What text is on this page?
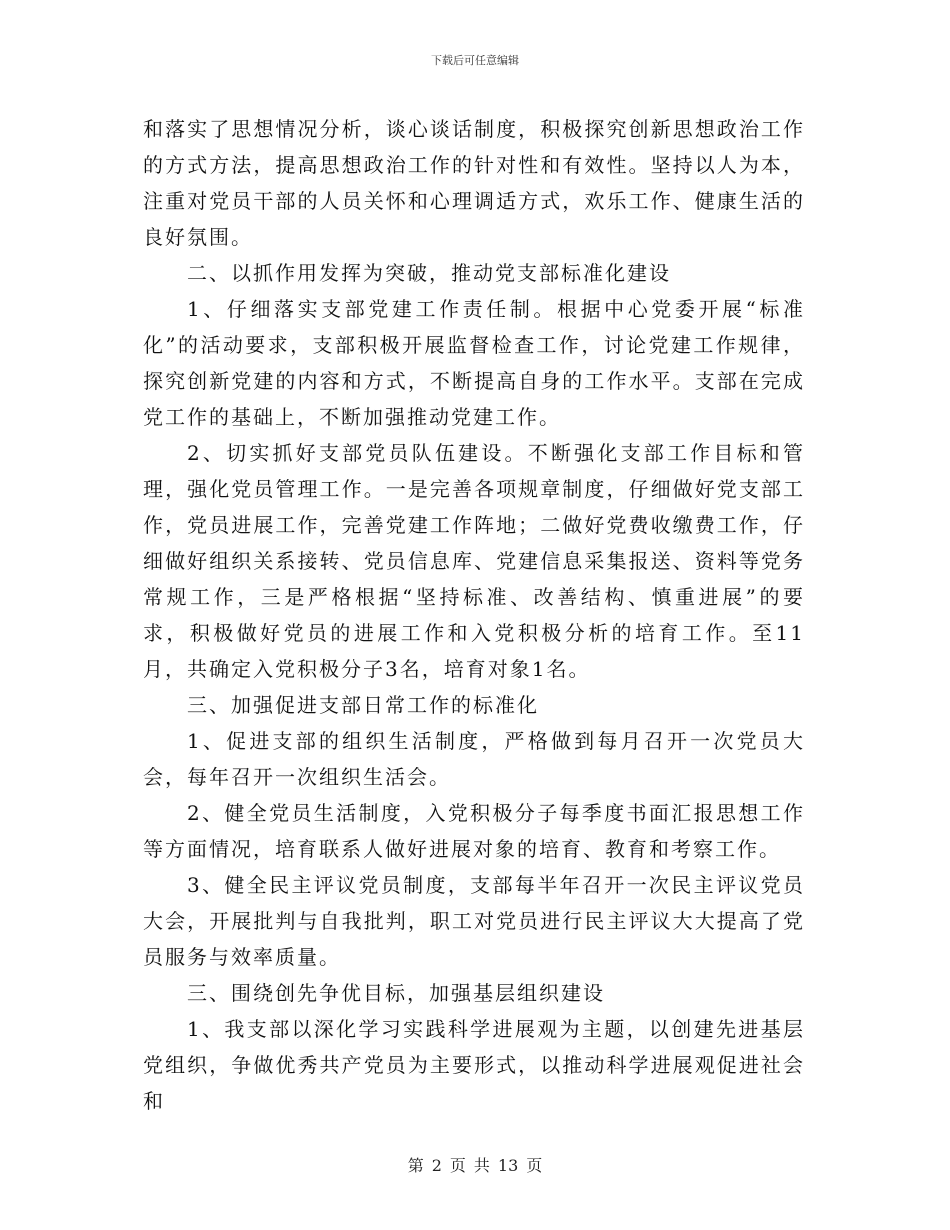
下载后可任意编辑

和落实了思想情况分析，谈心谈话制度，积极探究创新思想政治工作的方式方法，提高思想政治工作的针对性和有效性。坚持以人为本，注重对党员干部的人员关怀和心理调适方式，欢乐工作、健康生活的良好氛围。

二、以抓作用发挥为突破，推动党支部标准化建设

1、仔细落实支部党建工作责任制。根据中心党委开展“标准化”的活动要求，支部积极开展监督检查工作，讨论党建工作规律，探究创新党建的内容和方式，不断提高自身的工作水平。支部在完成党工作的基础上，不断加强推动党建工作。

2、切实抓好支部党员队伍建设。不断强化支部工作目标和管理，强化党员管理工作。一是完善各项规章制度，仔细做好党支部工作，党员进展工作，完善党建工作阵地；二做好党费收缴费工作，仔细做好组织关系接转、党员信息库、党建信息采集报送、资料等党务常规工作，三是严格根据“坚持标准、改善结构、慎重进展”的要求，积极做好党员的进展工作和入党积极分析的培育工作。至11月，共确定入党积极分子3名，培育对象1名。

三、加强促进支部日常工作的标准化

1、促进支部的组织生活制度，严格做到每月召开一次党员大会，每年召开一次组织生活会。

2、健全党员生活制度，入党积极分子每季度书面汇报思想工作等方面情况，培育联系人做好进展对象的培育、教育和考察工作。

3、健全民主评议党员制度，支部每半年召开一次民主评议党员大会，开展批判与自我批判，职工对党员进行民主评议大大提高了党员服务与效率质量。

三、围绕创先争优目标，加强基层组织建设

1、我支部以深化学习实践科学进展观为主题，以创建先进基层党组织，争做优秀共产党员为主要形式，以推动科学进展观促进社会和

第 2 页 共 13 页
